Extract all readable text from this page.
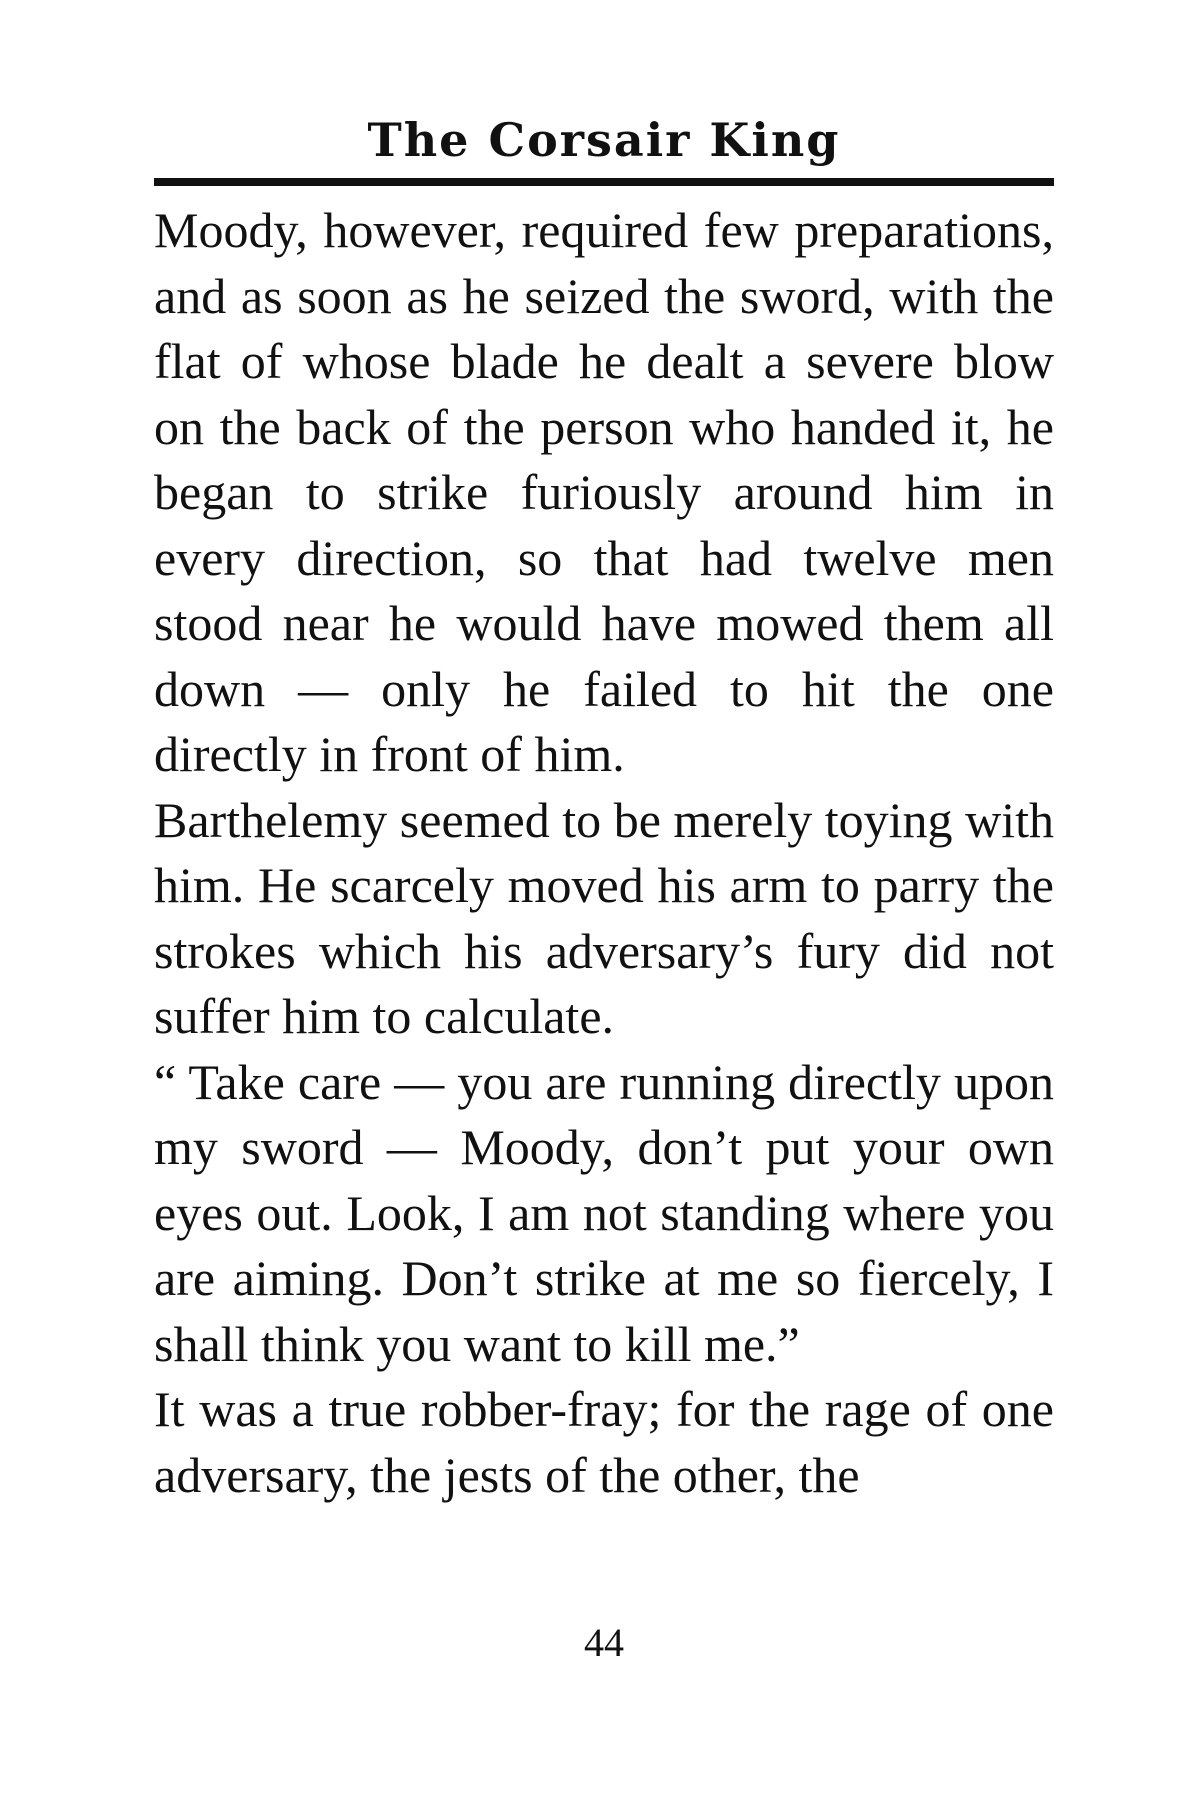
The Corsair King

Moody, however, required few preparations, and as soon as he seized the sword, with the flat of whose blade he dealt a severe blow on the back of the person who handed it, he began to strike furiously around him in every direction, so that had twelve men stood near he would have mowed them all down — only he failed to hit the one directly in front of him.

Barthelemy seemed to be merely toying with him. He scarcely moved his arm to parry the strokes which his adversary’s fury did not suffer him to calculate.

“ Take care — you are running directly upon my sword — Moody, don’t put your own eyes out. Look, I am not standing where you are aiming. Don’t strike at me so fiercely, I shall think you want to kill me.”

It was a true robber-fray; for the rage of one adversary, the jests of the other, the

44
